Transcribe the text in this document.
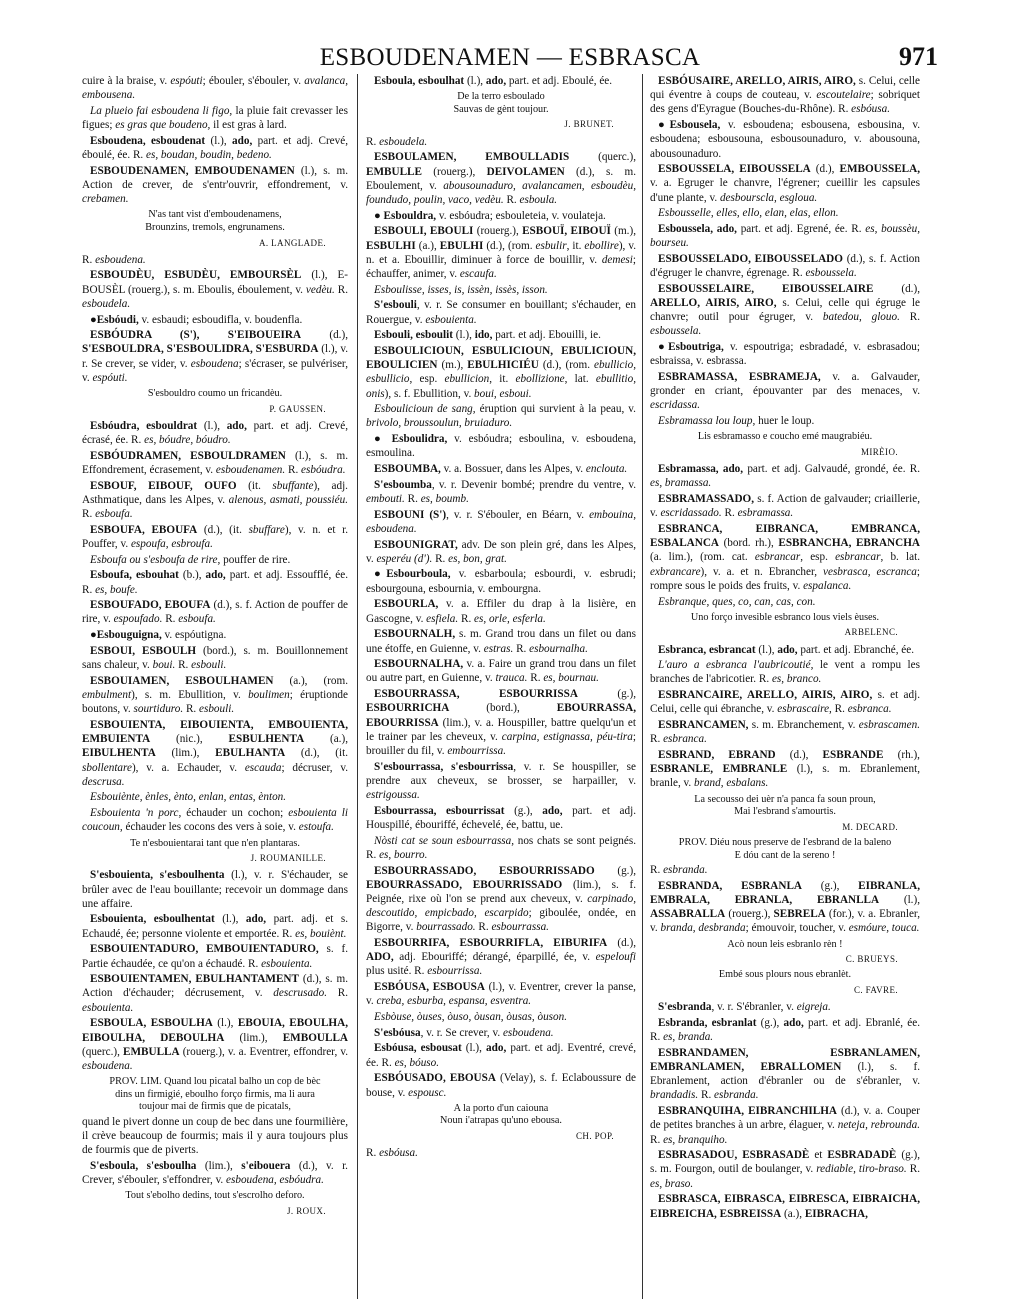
ESBOUDENAMEN — ESBRASCA	971

cuire à la braise, v. espóuti; ébouler, s'ébouler, v. avalanca, embousena.

La plueio fai esboudena li figo, la pluie fait crevasser les figues; es gras que boudeno, il est gras à lard.

Esboudena, esboudenat (l.), ado, part. et adj. Crevé, éboulé, ée. R. es, boudan, boudin, bedeno.

ESBOUDENAMEN, EMBOUDENAMEN (l.), s. m. Action de crever, de s'entr'ouvrir, effondrement, v. crebamen.

N'as tant vist d'emboudenamens,
Brounzins, tremols, engrunamens.
A. LANGLADE.

R. esboudena.

ESBOUDÈU, ESBUDÈU, EMBOURSÈL (l.), E-BOUSÈL (rouerg.), s. m. Eboulis, éboulement, v. vedèu. R. esboudela.

●Esbóudi, v. esbaudi; esboudifla, v. boudenfla.

ESBÓUDRA (S'), S'EIBOUEIRA (d.), S'ESBOULDRA, S'ESBOULIDRA, S'ESBURDA (l.), v. r. Se crever, se vider, v. esboudena; s'écraser, se pulvériser, v. espóuti.

S'esbouldro coumo un fricandèu.
P. GAUSSEN.

Esbóudra, esbouldrat (l.), ado, part. et adj. Crevé, écrasé, ée. R. es, bóudre, bóudro.

ESBÓUDRAMEN, ESBOULDRAMEN (l.), s. m. Effondrement, écrasement, v. esboudenamen. R. esbóudra.

ESBOUF, EIBOUF, OUFO (it. sbuffante), adj. Asthmatique, dans les Alpes, v. alenous, asmati, poussiéu. R. esboufa.

ESBOUFA, EBOUFA (d.), (it. sbuffare), v. n. et r. Pouffer, v. espoufa, esbroufa.

Esboufa ou s'esboufa de rire, pouffer de rire.

Esboufa, esbouhat (b.), ado, part. et adj. Essoufflé, ée. R. es, boufe.

ESBOUFADO, EBOUFA (d.), s. f. Action de pouffer de rire, v. espoufado. R. esboufa.

●Esbouguigna, v. espóutigna.

ESBOUI, ESBOULH (bord.), s. m. Bouillonnement sans chaleur, v. boui. R. esbouli.

ESBOUIAMEN, ESBOULHAMEN (a.), (rom. embulment), s. m. Ebullition, v. boulimen; éruptionde boutons, v. sourtiduro. R. esbouli.

ESBOUIENTA, EIBOUIENTA, EMBOUIENTA, EMBUIENTA (nic.), ESBULHENTA (a.), EIBULHENTA (lim.), EBULHANTA (d.), (it. sbollentare), v. a. Echauder, v. escauda; décruser, v. descrusa.

Esbouiènte, ènles, ènto, enlan, entas, ènton.

Esbouienta 'n porc, échauder un cochon; esbouienta li coucoun, échauder les cocons des vers à soie, v. estoufa.

Te n'esbouientarai tant que n'en plantaras.
J. ROUMANILLE.

S'esbouienta, s'esboulhenta (l.), v. r. S'échauder, se brûler avec de l'eau bouillante; recevoir un dommage dans une affaire.

Esbouienta, esboulhentat (l.), ado, part. adj. et s. Echaudé, ée; personne violente et emportée. R. es, bouiènt.

ESBOUIENTADURO, EMBOUIENTADURO, s. f. Partie échaudée, ce qu'on a échaudé. R. esbouienta.

ESBOUIENTAMEN, EBULHANTAMENT (d.), s. m. Action d'échauder; décrusement, v. descrusado. R. esbouienta.

ESBOULA, ESBOULHA (l.), EBOUIA, EBOULHA, EIBOULHA, DEBOULHA (lim.), EMBOULLA (querc.), EMBULLA (rouerg.), v. a. Eventrer, effondrer, v. esboudena.

PROV. LIM. Quand lou picatal balho un cop de bèc
dins un firmigié, eboulho forço firmis, ma li aura
toujour mai de firmis que de picatals,

quand le pivert donne un coup de bec dans une fourmilière, il crève beaucoup de fourmis; mais il y aura toujours plus de fourmis que de piverts.

S'esboula, s'esboulha (lim.), s'eibouera (d.), v. r. Crever, s'ébouler, s'effondrer, v. esboudena, esbóudra.

Tout s'ebolho dedins, tout s'escrolho deforo.
J. ROUX.

Esboula, esboulhat (l.), ado, part. et adj. Eboulé, ée.

De la terro esboulado
Sauvas de gènt toujour.
J. BRUNET.

R. esboudela.

ESBOULAMEN, EMBOULLADIS (querc.), EMBULLE (rouerg.), DEIVOLAMEN (d.), s. m. Eboulement, v. abousounaduro, avalancamen, esboudèu, foundudo, poulin, vaco, vedèu. R. esboula.

● Esbouldra, v. esbóudra; esbouleteia, v. voulateja.

ESBOULI, EBOULI (rouerg.), ESBOUÏ, EIBOUÏ (m.), ESBULHI (a.), EBULHI (d.), (rom. esbulir, it. ebollire), v. n. et a. Ebouillir, diminuer à force de bouillir, v. demesi; échauffer, animer, v. escaufa.

Esboulisse, isses, is, issèn, issès, isson.

S'esbouli, v. r. Se consumer en bouillant; s'échauder, en Rouergue, v. esbouienta.

Esbouli, esboulit (l.), ido, part. et adj. Ebouilli, ie.

ESBOULICIOUN, ESBULICIOUN, EBULICIOUN, EBOULICIEN (m.), EBULHICIÉU (d.), (rom. ebullicio, esbullicio, esp. ebullicion, it. ebollizione, lat. ebullitio, onis), s. f. Ebullition, v. boui, esboui.

Esboulicioun de sang, éruption qui survient à la peau, v. brivolo, broussoulun, bruiaduro.

● Esboulidra, v. esbóudra; esboulina, v. esboudena, esmoulina.

ESBOUMBA, v. a. Bossuer, dans les Alpes, v. enclouta.

S'esboumba, v. r. Devenir bombé; prendre du ventre, v. embouti. R. es, boumb.

ESBOUNI (S'), v. r. S'ébouler, en Béarn, v. embouina, esboudena.

ESBOUNIGRAT, adv. De son plein gré, dans les Alpes, v. esperéu (d'). R. es, bon, grat.

●Esbourboula, v. esbarboula; esbourdi, v. esbrudi; esbourgouna, esbournia, v. embourgna.

ESBOURLA, v. a. Effiler du drap à la lisière, en Gascogne, v. esfiela. R. es, orle, esferla.

ESBOURNALH, s. m. Grand trou dans un filet ou dans une étoffe, en Guienne, v. estras. R. esbournalha.

ESBOURNALHA, v. a. Faire un grand trou dans un filet ou autre part, en Guienne, v. trauca. R. es, bournau.

ESBOURRASSA, ESBOURRISSA (g.), ESBOURRICHA (bord.), EBOURRASSA, EBOURRISSA (lim.), v. a. Houspiller, battre quelqu'un et le trainer par les cheveux, v. carpina, estignassa, péu-tira; brouiller du fil, v. embourrissa.

S'esbourrassa, s'esbourrissa, v. r. Se houspiller, se prendre aux cheveux, se brosser, se harpailler, v. estrigoussa.

Esbourrassa, esbourrissat (g.), ado, part. et adj. Houspillé, ébouriffé, échevelé, ée, battu, ue.

Nòsti cat se soun esbourrassa, nos chats se sont peignés. R. es, bourro.

ESBOURRASSADO, ESBOURRISSADO (g.), EBOURRASSADO, EBOURRISSADO (lim.), s. f. Peignée, rixe où l'on se prend aux cheveux, v. carpinado, descoutido, empicbado, escarpido; giboulée, ondée, en Bigorre, v. bourrassado. R. esbourrassa.

ESBOURRIFA, ESBOURRIFLA, EIBURIFA (d.), ADO, adj. Ebouriffé; dérangé, éparpillé, ée, v. espeloufi plus usité. R. esbourrissa.

ESBÓUSA, ESBOUSA (l.), v. Eventrer, crever la panse, v. creba, esburba, espansa, esventra.

Esbòuse, òuses, òuso, òusan, òusas, òuson.

S'esbóusa, v. r. Se crever, v. esboudena.

Esbóusa, esbousat (l.), ado, part. et adj. Eventré, crevé, ée. R. es, bóuso.

ESBÓUSADO, EBOUSA (Velay), s. f. Eclaboussure de bouse, v. espousc.

A la porto d'un caiouna
Noun i'atrapas qu'uno ebousa.
CH. POP.

R. esbóusa.

ESBÓUSAIRE, ARELLO, AIRIS, AIRO, s. Celui, celle qui éventre à coups de couteau, v. escoutelaire; sobriquet des gens d'Eyrague (Bouches-du-Rhône). R. esbóusa.

●Esbousela, v. esboudena; esbousena, esbousina, v. esboudena; esbousouna, esbousounaduro, v. abousouna, abousounaduro.

ESBOUSSELA, EIBOUSSELA (d.), EMBOUSSELA, v. a. Egruger le chanvre, l'égrener; cueillir les capsules d'une plante, v. desbourscla, esgloua.

Esbousselle, elles, ello, elan, elas, ellon.

Esboussela, ado, part. et adj. Egrené, ée. R. es, boussèu, bourseu.

ESBOUSSELADO, EIBOUSSELADO (d.), s. f. Action d'égruger le chanvre, égrenage. R. esboussela.

ESBOUSSELAIRE, EIBOUSSELAIRE (d.), ARELLO, AIRIS, AIRO, s. Celui, celle qui égruge le chanvre; outil pour égruger, v. batedou, glouo. R. esboussela.

●Esboutriga, v. espoutriga; esbradadé, v. esbrasadou; esbraissa, v. esbrassa.

ESBRAMASSA, ESBRAMEJA, v. a. Galvauder, gronder en criant, épouvanter par des menaces, v. escridassa.

Esbramassa lou loup, huer le loup.

Lis esbramasso e coucho emé maugrabiéu.
MIRÈIO.

Esbramassa, ado, part. et adj. Galvaudé, grondé, ée. R. es, bramassa.

ESBRAMASSADO, s. f. Action de galvauder; criaillerie, v. escridassado. R. esbramassa.

ESBRANCA, EIBRANCA, EMBRANCA, ESBALANCA (bord. rh.), ESBRANCHA, EBRANCHA (a. lim.), (rom. cat. esbrancar, esp. esbrancar, b. lat. exbrancare), v. a. et n. Ebrancher, vesbrasca, escranca; rompre sous le poids des fruits, v. espalanca.

Esbranque, ques, co, can, cas, con.

Uno forço invesible esbranco lous viels èuses.
ARBELENC.

Esbranca, esbrancat (l.), ado, part. et adj. Ebranché, ée.

L'auro a esbranca l'aubricoutié, le vent a rompu les branches de l'abricotier. R. es, branco.

ESBRANCAIRE, ARELLO, AIRIS, AIRO, s. et adj. Celui, celle qui ébranche, v. esbrascaire, R. esbranca.

ESBRANCAMEN, s. m. Ebranchement, v. esbrascamen. R. esbranca.

ESBRAND, EBRAND (d.), ESBRANDE (rh.), ESBRANLE, EMBRANLE (l.), s. m. Ebranlement, branle, v. brand, esbalans.

La secousso dei uèr n'a panca fa soun proun,
Mai l'esbrand s'amourtis.
M. DECARD.
PROV. Diéu nous preserve de l'esbrand de la baleno
E dóu cant de la sereno !

R. esbranda.

ESBRANDA, ESBRANLA (g.), EIBRANLA, EMBRALA, EBRANLA, EBRANLLA (l.), ASSABRALLA (rouerg.), SEBRELA (for.), v. a. Ebranler, v. branda, desbranda; émouvoir, toucher, v. esmóure, touca.

Acò noun leis esbranlo rèn !
C. BRUEYS.
Embé sous plours nous ebranlèt.
C. FAVRE.

S'esbranda, v. r. S'ébranler, v. eigreja.

Esbranda, esbranlat (g.), ado, part. et adj. Ebranlé, ée. R. es, branda.

ESBRANDAMEN, ESBRANLAMEN, EMBRANLAMEN, EBRALLOMEN (l.), s. f. Ebranlement, action d'ébranler ou de s'ébranler, v. brandadis. R. esbranda.

ESBRANQUIHA, EIBRANCHILHA (d.), v. a. Couper de petites branches à un arbre, élaguer, v. neteja, rebrounda. R. es, branquiho.

ESBRASADOU, ESBRASADÈ et ESBRADADÈ (g.), s. m. Fourgon, outil de boulanger, v. rediable, tiro-braso. R. es, braso.

ESBRASCA, EIBRASCA, EIBRESCA, EIBRAICHA, EIBREICHA, ESBREISSA (a.), EIBRACHA,
